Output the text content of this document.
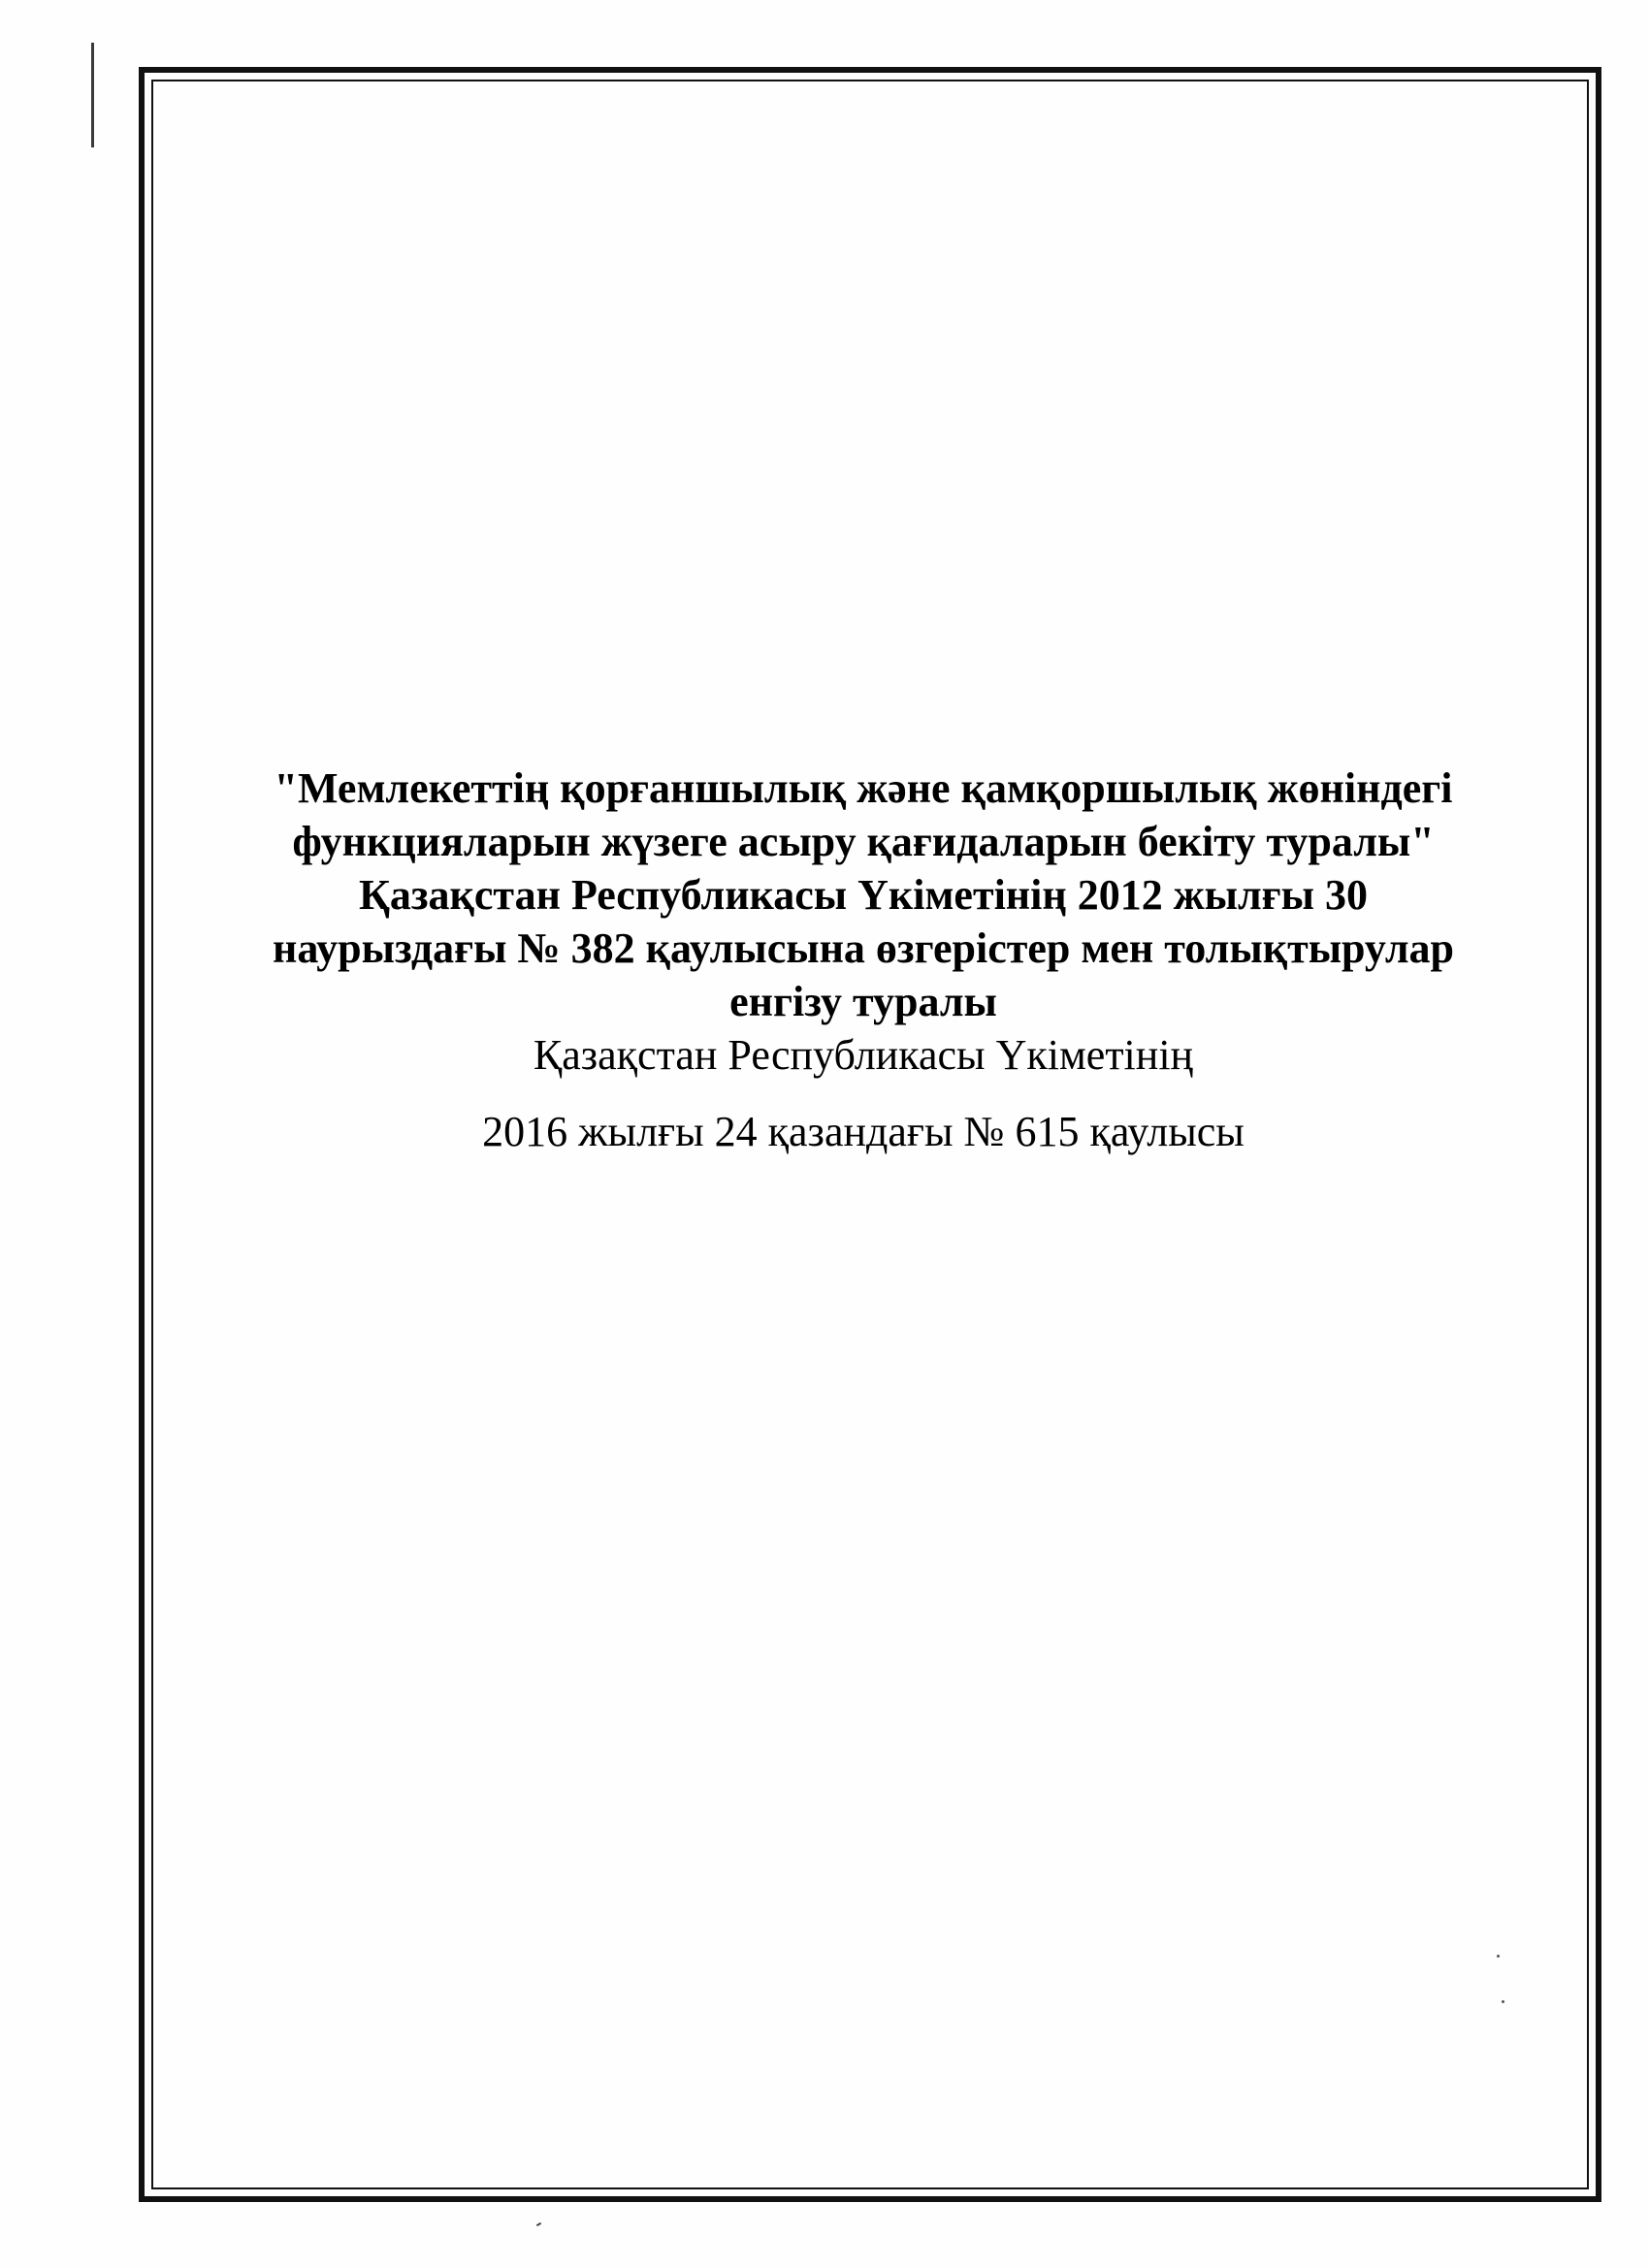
"Мемлекеттің қорғаншылық және қамқоршылық жөніндегі
функцияларын жүзеге асыру қағидаларын бекіту туралы"
Қазақстан Республикасы Үкіметінің 2012 жылғы 30
наурыздағы № 382 қаулысына өзгерістер мен толықтырулар
енгізу туралы
Қазақстан Республикасы Үкіметінің
2016 жылғы 24 қазандағы № 615 қаулысы
